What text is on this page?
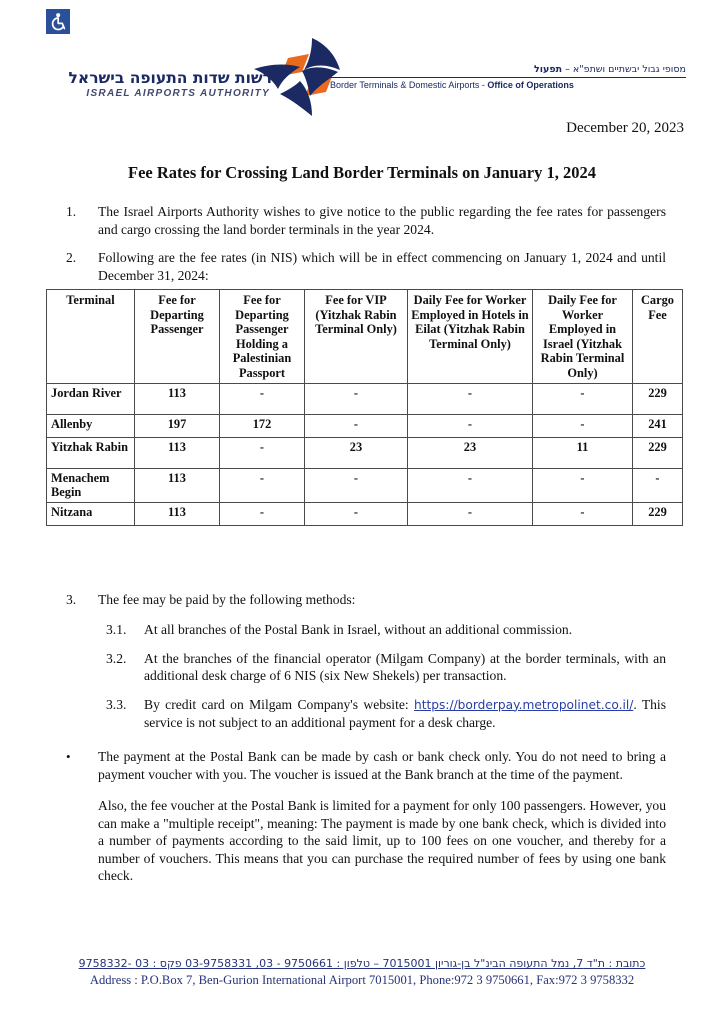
רשות שדות התעופה בישראל
ISRAEL AIRPORTS AUTHORITY
מסופי גבול יבשתיים ושתפ"א – תפעול
Border Terminals & Domestic Airports - Office of Operations
December 20, 2023
Fee Rates for Crossing Land Border Terminals on January 1, 2024
1.	The Israel Airports Authority wishes to give notice to the public regarding the fee rates for passengers and cargo crossing the land border terminals in the year 2024.
2.	Following are the fee rates (in NIS) which will be in effect commencing on January 1, 2024 and until December 31, 2024:
Terminal	Fee for Departing Passenger	Fee for Departing Passenger Holding a Palestinian Passport	Fee for VIP (Yitzhak Rabin Terminal Only)	Daily Fee for Worker Employed in Hotels in Eilat (Yitzhak Rabin Terminal Only)	Daily Fee for Worker Employed in Israel (Yitzhak Rabin Terminal Only)	Cargo Fee
Jordan River	113	-	-	-	-	229
Allenby	197	172	-	-	-	241
Yitzhak Rabin	113	-	23	23	11	229
Menachem Begin	113	-	-	-	-	-
Nitzana	113	-	-	-	-	229
3.	The fee may be paid by the following methods:
3.1.	At all branches of the Postal Bank in Israel, without an additional commission.
3.2.	At the branches of the financial operator (Milgam Company) at the border terminals, with an additional desk charge of 6 NIS (six New Shekels) per transaction.
3.3.	By credit card on Milgam Company's website: https://borderpay.metropolinet.co.il/. This service is not subject to an additional payment for a desk charge.
•	The payment at the Postal Bank can be made by cash or bank check only. You do not need to bring a payment voucher with you. The voucher is issued at the Bank branch at the time of the payment.
Also, the fee voucher at the Postal Bank is limited for a payment for only 100 passengers. However, you can make a "multiple receipt", meaning: The payment is made by one bank check, which is divided into a number of payments according to the said limit, up to 100 fees on one voucher, and thereby for a number of vouchers. This means that you can purchase the required number of fees by using one bank check.
כתובת : ת"ד 7, נמל התעופה הבינ"ל בן-גוריון 7015001 – טלפון : 9750661 - 03, 03-9758331 פקס : 03 -9758332
Address : P.O.Box 7, Ben-Gurion International Airport 7015001, Phone:972 3 9750661, Fax:972 3 9758332
